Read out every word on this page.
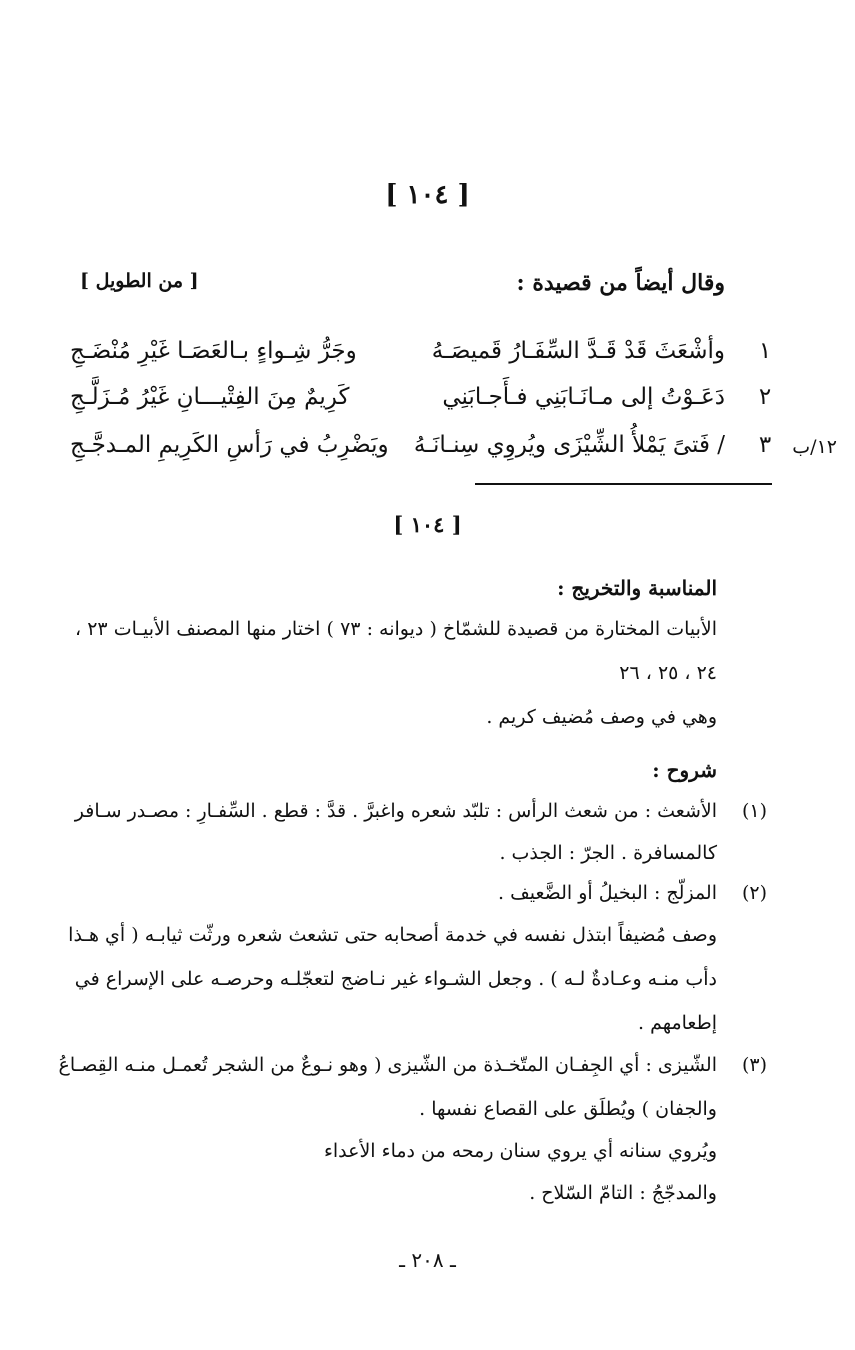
[ ١٠٤ ]
وقال أيضاً من قصيدة :
[ من الطويل ]
١
وأشْعَثَ قَدْ قَـدَّ السِّفَـارُ قَميصَـهُ
وجَرُّ شِـواءٍ بـالعَصَـا غَيْرِ مُنْضَـجِ
٢
دَعَـوْتُ إلى مـانَـابَنِي فـأَجـابَنِي
كَرِيمٌ مِنَ الفِتْيـــانِ غَيْرُ مُـزَلَّـجِ
١٢/ب
٣
/ فَتىً يَمْلأُ الشِّيْزَى ويُروِي سِنـانَـهُ
ويَضْرِبُ في رَأسِ الكَرِيمِ المـدجَّـجِ
[ ١٠٤ ]
المناسبة والتخريج :
الأبيات المختارة من قصيدة للشمّاخ ( ديوانه : ٧٣ ) اختار منها المصنف الأبيـات ٢٣ ،
٢٤ ، ٢٥ ، ٢٦
وهي في وصف مُضيف كريم .
شروح :
(١)
الأشعث : من شعث الرأس : تلبّد شعره واغبرَّ . قدَّ : قطع . السِّفـارِ : مصـدر سـافر
كالمسافرة . الجرّ : الجذب .
(٢)
المزلّج : البخيلُ أو الضَّعيف .
وصف مُضيفاً ابتذل نفسه في خدمة أصحابه حتى تشعث شعره ورثّت ثيابـه ( أي هـذا
دأب منـه وعـادةٌ لـه ) . وجعل الشـواء غير نـاضج لتعجّلـه وحرصـه على الإسراع في
إطعامهم .
(٣)
الشّيزى : أي الجِفـان المتّخـذة من الشّيزى ( وهو نـوعٌ من الشجر تُعمـل منـه القِصـاعُ
والجفان ) ويُطلَق على القصاع نفسها .
ويُروي سنانه أي يروي سنان رمحه من دماء الأعداء
والمدجّجُ : التامّ السّلاح .
ـ ٢٠٨ ـ
